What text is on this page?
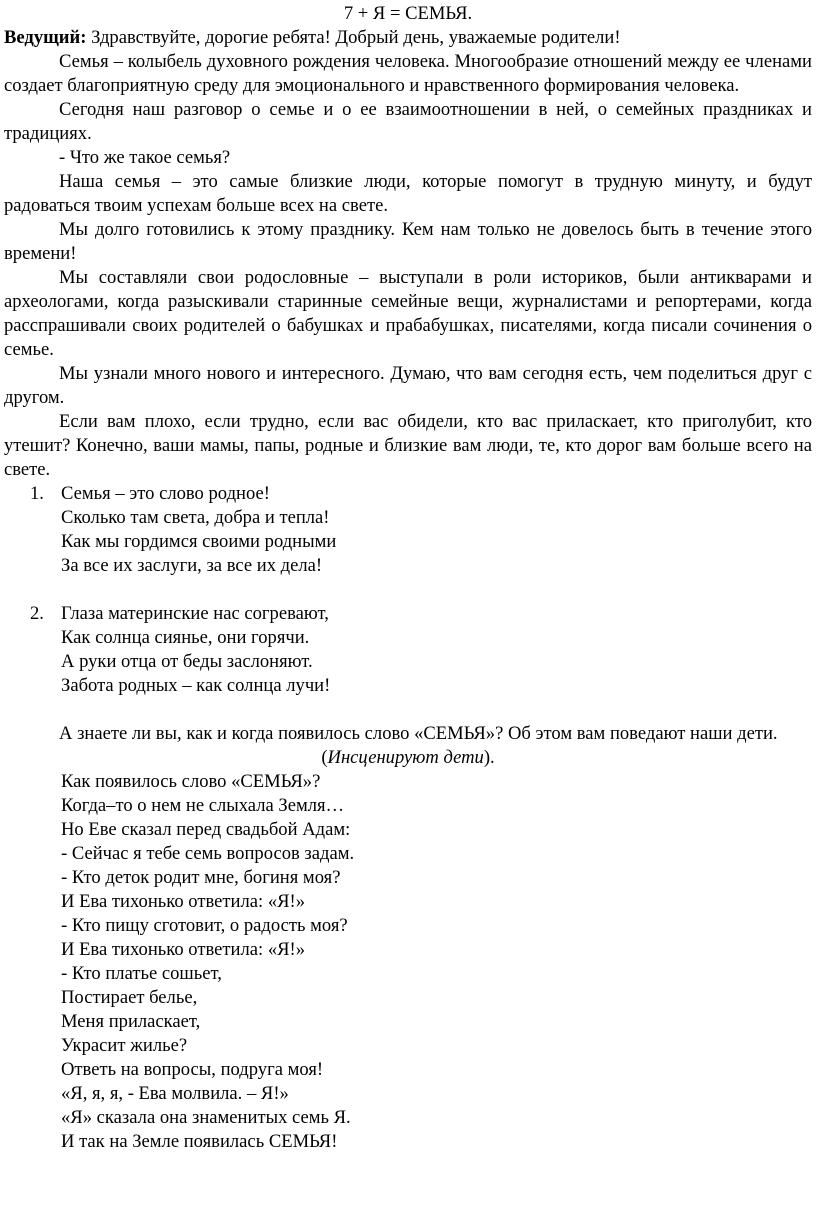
7 + Я = СЕМЬЯ.

Ведущий: Здравствуйте, дорогие ребята! Добрый день, уважаемые родители!

Семья – колыбель духовного рождения человека. Многообразие отношений между ее членами создает благоприятную среду для эмоционального и нравственного формирования человека.

Сегодня наш разговор о семье и о ее взаимоотношении в ней, о семейных праздниках и традициях.

- Что же такое семья?

Наша семья – это самые близкие люди, которые помогут в трудную минуту, и будут радоваться твоим успехам больше всех на свете.

Мы долго готовились к этому празднику. Кем нам только не довелось быть в течение этого времени!

Мы составляли свои родословные – выступали в роли историков, были антикварами и археологами, когда разыскивали старинные семейные вещи, журналистами и репортерами, когда расспрашивали своих родителей о бабушках и прабабушках, писателями, когда писали сочинения о семье.

Мы узнали много нового и интересного. Думаю, что вам сегодня есть, чем поделиться друг с другом.

Если вам плохо, если трудно, если вас обидели, кто вас приласкает, кто приголубит, кто утешит? Конечно, ваши мамы, папы, родные и близкие вам люди, те, кто дорог вам больше всего на свете.

1. Семья – это слово родное!
Сколько там света, добра и тепла!
Как мы гордимся своими родными
За все их заслуги, за все их дела!
2. Глаза материнские нас согревают,
Как солнца сиянье, они горячи.
А руки отца от беды заслоняют.
Забота родных – как солнца лучи!

А знаете ли вы, как и когда появилось слово «СЕМЬЯ»? Об этом вам поведают наши дети.

(Инсценируют дети).

Как появилось слово «СЕМЬЯ»?
Когда–то о нем не слыхала Земля…
Но Еве сказал перед свадьбой Адам:
- Сейчас я тебе семь вопросов задам.
- Кто деток родит мне, богиня моя?
И Ева тихонько ответила: «Я!»
- Кто пищу сготовит, о радость моя?
И Ева тихонько ответила: «Я!»
- Кто платье сошьет,
Постирает белье,
Меня приласкает,
Украсит жилье?
Ответь на вопросы, подруга моя!
«Я, я, я, - Ева молвила. – Я!»
«Я» сказала она знаменитых семь Я.
И так на Земле появилась СЕМЬЯ!
